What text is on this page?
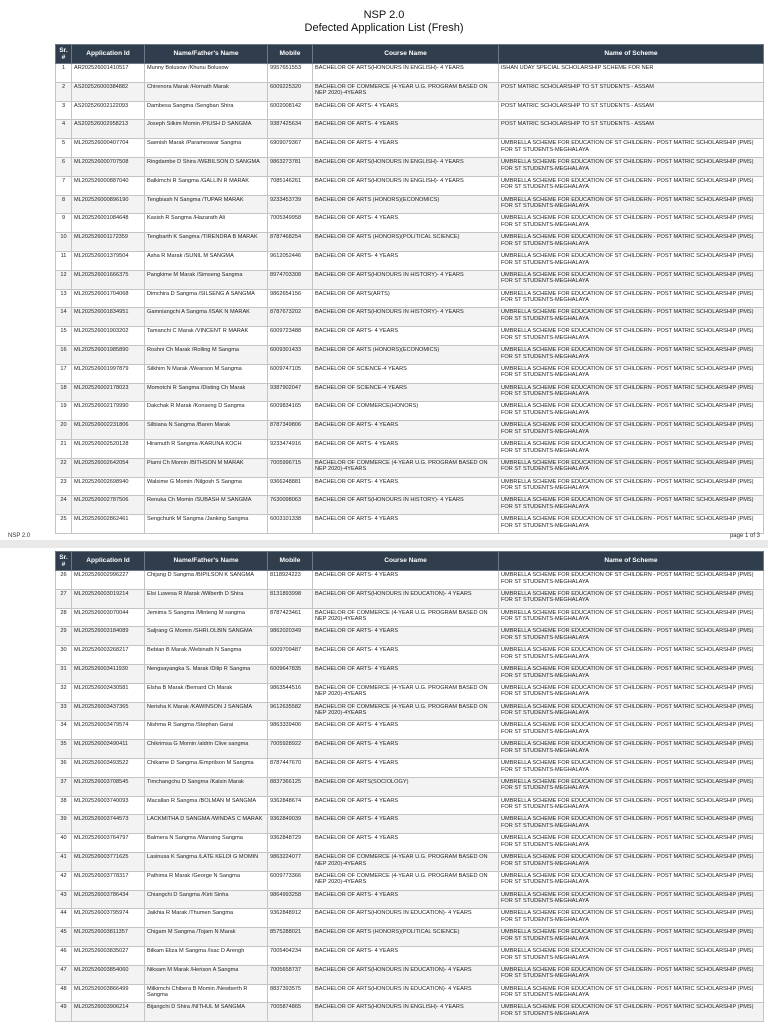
NSP 2.0
Defected Application List (Fresh)
Sr. #	Application Id	Name/Father's Name	Mobile	Course Name	Name of Scheme
1	AR202526001410517	Munny Bolusow /Khunu Bolusow	9957651553	BACHELOR OF ARTS(HONOURS IN ENGLISH)- 4 YEARS	ISHAN UDAY SPECIAL SCHOLARSHIP SCHEME FOR NER
2	AS202526000384882	Chirenora Marak /Hornath Marak	6009225320	BACHELOR OF COMMERCE (4-YEAR U.G. PROGRAM BASED ON NEP 2020)-4YEARS	POST MATRIC SCHOLARSHIP TO ST STUDENTS - ASSAM
3	AS202526002122093	Dambesa Sangma /Sengban Shira	6002008142	BACHELOR OF ARTS- 4 YEARS	POST MATRIC SCHOLARSHIP TO ST STUDENTS - ASSAM
4	AS202526002958213	Joseph Silkim Momin /PIUSH D SANGMA	9387425634	BACHELOR OF ARTS- 4 YEARS	POST MATRIC SCHOLARSHIP TO ST STUDENTS - ASSAM
5	ML202526000407704	Saenish Marak /Parameswar Sangma	6909079367	BACHELOR OF ARTS- 4 YEARS	UMBRELLA SCHEME FOR EDUCATION OF ST CHILDERN - POST MATRIC SCHOLARSHIP (PMS) FOR ST STUDENTS-MEGHALAYA
6	ML202526000707508	Ringdambe D Shira /WEBILSON D SANGMA	9863273781	BACHELOR OF ARTS(HONOURS IN ENGLISH)- 4 YEARS	UMBRELLA SCHEME FOR EDUCATION OF ST CHILDERN - POST MATRIC SCHOLARSHIP (PMS) FOR ST STUDENTS-MEGHALAYA
7	ML202526000887040	Balkimchi R Sangma /GALLIN R MARAK	7085146261	BACHELOR OF ARTS(HONOURS IN ENGLISH)- 4 YEARS	UMBRELLA SCHEME FOR EDUCATION OF ST CHILDERN - POST MATRIC SCHOLARSHIP (PMS) FOR ST STUDENTS-MEGHALAYA
8	ML202526000896190	Tengbiash N Sangma /TUPAR MARAK	9233453739	BACHELOR OF ARTS (HONORS)(ECONOMICS)	UMBRELLA SCHEME FOR EDUCATION OF ST CHILDERN - POST MATRIC SCHOLARSHIP (PMS) FOR ST STUDENTS-MEGHALAYA
9	ML202526001084648	Kasish R Sangma /Hazarath Ali	7005349958	BACHELOR OF ARTS- 4 YEARS	UMBRELLA SCHEME FOR EDUCATION OF ST CHILDERN - POST MATRIC SCHOLARSHIP (PMS) FOR ST STUDENTS-MEGHALAYA
10	ML202526001172359	Tengbarth K Sangma /TIRENDRA B MARAK	8787468254	BACHELOR OF ARTS (HONORS)(POLITICAL SCIENCE)	UMBRELLA SCHEME FOR EDUCATION OF ST CHILDERN - POST MATRIC SCHOLARSHIP (PMS) FOR ST STUDENTS-MEGHALAYA
11	ML202526001379504	Asha R Marak /SUNIL M SANGMA	9612052446	BACHELOR OF ARTS- 4 YEARS	UMBRELLA SCHEME FOR EDUCATION OF ST CHILDERN - POST MATRIC SCHOLARSHIP (PMS) FOR ST STUDENTS-MEGHALAYA
12	ML202526001666375	Pangkime M Marak /Simseng Sangma	8974703308	BACHELOR OF ARTS(HONOURS IN HISTORY)- 4 YEARS	UMBRELLA SCHEME FOR EDUCATION OF ST CHILDERN - POST MATRIC SCHOLARSHIP (PMS) FOR ST STUDENTS-MEGHALAYA
13	ML202526001704068	Dimchira D Sangma /SILSENG A SANGMA	9862654156	BACHELOR OF ARTS(ARTS)	UMBRELLA SCHEME FOR EDUCATION OF ST CHILDERN - POST MATRIC SCHOLARSHIP (PMS) FOR ST STUDENTS-MEGHALAYA
14	ML202526001834951	Gamniangchi A Sangma /ISAK N MARAK	8787673202	BACHELOR OF ARTS(HONOURS IN HISTORY)- 4 YEARS	UMBRELLA SCHEME FOR EDUCATION OF ST CHILDERN - POST MATRIC SCHOLARSHIP (PMS) FOR ST STUDENTS-MEGHALAYA
15	ML202526001903202	Tamanchi C Marak /VINCENT R MARAK	6009723488	BACHELOR OF ARTS- 4 YEARS	UMBRELLA SCHEME FOR EDUCATION OF ST CHILDERN - POST MATRIC SCHOLARSHIP (PMS) FOR ST STUDENTS-MEGHALAYA
16	ML202526001985890	Roshni Ch Marak /Rolling M Sangma	6009301433	BACHELOR OF ARTS (HONORS)(ECONOMICS)	UMBRELLA SCHEME FOR EDUCATION OF ST CHILDERN - POST MATRIC SCHOLARSHIP (PMS) FOR ST STUDENTS-MEGHALAYA
17	ML202526001997879	Silkhim N Marak /Wearson M Sangma	6009747105	BACHELOR OF SCIENCE-4 YEARS	UMBRELLA SCHEME FOR EDUCATION OF ST CHILDERN - POST MATRIC SCHOLARSHIP (PMS) FOR ST STUDENTS-MEGHALAYA
18	ML202526002178023	Momotchi R Sangma /Disting Ch Marak	9387902047	BACHELOR OF SCIENCE-4 YEARS	UMBRELLA SCHEME FOR EDUCATION OF ST CHILDERN - POST MATRIC SCHOLARSHIP (PMS) FOR ST STUDENTS-MEGHALAYA
19	ML202526002179990	Dakchak R Marak /Konseng D Sangma	6009834165	BACHELOR OF COMMERCE(HONORS)	UMBRELLA SCHEME FOR EDUCATION OF ST CHILDERN - POST MATRIC SCHOLARSHIP (PMS) FOR ST STUDENTS-MEGHALAYA
20	ML202526002231806	Silbiana N Sangma /Baren Marak	8787349806	BACHELOR OF ARTS- 4 YEARS	UMBRELLA SCHEME FOR EDUCATION OF ST CHILDERN - POST MATRIC SCHOLARSHIP (PMS) FOR ST STUDENTS-MEGHALAYA
21	ML202526002520128	Hiramuth R Sangma /KARUNA KOCH	9233474916	BACHELOR OF ARTS- 4 YEARS	UMBRELLA SCHEME FOR EDUCATION OF ST CHILDERN - POST MATRIC SCHOLARSHIP (PMS) FOR ST STUDENTS-MEGHALAYA
22	ML202526002642054	Piami Ch Momin /BITHSON M MARAK	7005996715	BACHELOR OF COMMERCE (4-YEAR U.G. PROGRAM BASED ON NEP 2020)-4YEARS	UMBRELLA SCHEME FOR EDUCATION OF ST CHILDERN - POST MATRIC SCHOLARSHIP (PMS) FOR ST STUDENTS-MEGHALAYA
23	ML202526002698940	Walsime G Momin /Nilgosh S Sangma	9366248881	BACHELOR OF ARTS- 4 YEARS	UMBRELLA SCHEME FOR EDUCATION OF ST CHILDERN - POST MATRIC SCHOLARSHIP (PMS) FOR ST STUDENTS-MEGHALAYA
24	ML202526002787506	Renuka Ch Momin /SUBASH M SANGMA	7630098063	BACHELOR OF ARTS(HONOURS IN HISTORY)- 4 YEARS	UMBRELLA SCHEME FOR EDUCATION OF ST CHILDERN - POST MATRIC SCHOLARSHIP (PMS) FOR ST STUDENTS-MEGHALAYA
25	ML202526002862461	Sengchurik M Sangma /Janking Sangma	6003101338	BACHELOR OF ARTS- 4 YEARS	UMBRELLA SCHEME FOR EDUCATION OF ST CHILDERN - POST MATRIC SCHOLARSHIP (PMS) FOR ST STUDENTS-MEGHALAYA
NSP 2.0	page 1 of 3
Sr. #	Application Id	Name/Father's Name	Mobile	Course Name	Name of Scheme
26	ML202526002996227	Chijang D Sangma /BIPILSON K SANGMA	8118924223	BACHELOR OF ARTS- 4 YEARS	UMBRELLA SCHEME FOR EDUCATION OF ST CHILDERN - POST MATRIC SCHOLARSHIP (PMS) FOR ST STUDENTS-MEGHALAYA
27	ML202526003019214	Elsi Luwesa R Marak /Wilberth D Shira	8131893998	BACHELOR OF ARTS(HONOURS IN EDUCATION)- 4 YEARS	UMBRELLA SCHEME FOR EDUCATION OF ST CHILDERN - POST MATRIC SCHOLARSHIP (PMS) FOR ST STUDENTS-MEGHALAYA
28	ML202526003070044	Jemima S Sangma /Minteng M sangma	8787423461	BACHELOR OF COMMERCE (4-YEAR U.G. PROGRAM BASED ON NEP 2020)-4YEARS	UMBRELLA SCHEME FOR EDUCATION OF ST CHILDERN - POST MATRIC SCHOLARSHIP (PMS) FOR ST STUDENTS-MEGHALAYA
29	ML202526003184089	Saljrang G Momin /SHRI.OLBIN SANGMA	9862020349	BACHELOR OF ARTS- 4 YEARS	UMBRELLA SCHEME FOR EDUCATION OF ST CHILDERN - POST MATRIC SCHOLARSHIP (PMS) FOR ST STUDENTS-MEGHALAYA
30	ML202526003268217	Bebian B Marak /Webinath N Sangma	6009709487	BACHELOR OF ARTS- 4 YEARS	UMBRELLA SCHEME FOR EDUCATION OF ST CHILDERN - POST MATRIC SCHOLARSHIP (PMS) FOR ST STUDENTS-MEGHALAYA
31	ML202526003411930	Nengsayangka S. Marak /Dilip R Sangma	6009647835	BACHELOR OF ARTS- 4 YEARS	UMBRELLA SCHEME FOR EDUCATION OF ST CHILDERN - POST MATRIC SCHOLARSHIP (PMS) FOR ST STUDENTS-MEGHALAYA
32	ML202526003430581	Elsha B Marak /Bernard Ch Marak	9863544516	BACHELOR OF COMMERCE (4-YEAR U.G. PROGRAM BASED ON NEP 2020)-4YEARS	UMBRELLA SCHEME FOR EDUCATION OF ST CHILDERN - POST MATRIC SCHOLARSHIP (PMS) FOR ST STUDENTS-MEGHALAYA
33	ML202526003437365	Nerisha K Marak /KAWINSON J SANGMA	9612635582	BACHELOR OF COMMERCE (4-YEAR U.G. PROGRAM BASED ON NEP 2020)-4YEARS	UMBRELLA SCHEME FOR EDUCATION OF ST CHILDERN - POST MATRIC SCHOLARSHIP (PMS) FOR ST STUDENTS-MEGHALAYA
34	ML202526003479574	Nishma R Sangma /Stephan Garai	9863339406	BACHELOR OF ARTS- 4 YEARS	UMBRELLA SCHEME FOR EDUCATION OF ST CHILDERN - POST MATRIC SCHOLARSHIP (PMS) FOR ST STUDENTS-MEGHALAYA
35	ML202526003490411	Chikrimsa G Momin /aldrin Clive sangma	7005928922	BACHELOR OF ARTS- 4 YEARS	UMBRELLA SCHEME FOR EDUCATION OF ST CHILDERN - POST MATRIC SCHOLARSHIP (PMS) FOR ST STUDENTS-MEGHALAYA
36	ML202526003493522	Chikame D Sangma /Emprilson M Sangma	8787447670	BACHELOR OF ARTS- 4 YEARS	UMBRELLA SCHEME FOR EDUCATION OF ST CHILDERN - POST MATRIC SCHOLARSHIP (PMS) FOR ST STUDENTS-MEGHALAYA
37	ML202526003708545	Timchangchu D Sangma /Kalsin Marak	8837366125	BACHELOR OF ARTS(SOCIOLOGY)	UMBRELLA SCHEME FOR EDUCATION OF ST CHILDERN - POST MATRIC SCHOLARSHIP (PMS) FOR ST STUDENTS-MEGHALAYA
38	ML202526003740093	Macallan R Sangma /BOLMAN M SANGMA	9362848674	BACHELOR OF ARTS- 4 YEARS	UMBRELLA SCHEME FOR EDUCATION OF ST CHILDERN - POST MATRIC SCHOLARSHIP (PMS) FOR ST STUDENTS-MEGHALAYA
39	ML202526003744573	LACKMITHA D SANGMA /WINDAS C MARAK	9362849039	BACHELOR OF ARTS- 4 YEARS	UMBRELLA SCHEME FOR EDUCATION OF ST CHILDERN - POST MATRIC SCHOLARSHIP (PMS) FOR ST STUDENTS-MEGHALAYA
40	ML202526003764797	Balmera N Sangma /Wansing Sangma	9362848729	BACHELOR OF ARTS- 4 YEARS	UMBRELLA SCHEME FOR EDUCATION OF ST CHILDERN - POST MATRIC SCHOLARSHIP (PMS) FOR ST STUDENTS-MEGHALAYA
41	ML202526003771625	Lasinusa K Sangma /LATE KELDI G MOMIN	9863224077	BACHELOR OF COMMERCE (4-YEAR U.G. PROGRAM BASED ON NEP 2020)-4YEARS	UMBRELLA SCHEME FOR EDUCATION OF ST CHILDERN - POST MATRIC SCHOLARSHIP (PMS) FOR ST STUDENTS-MEGHALAYA
42	ML202526003778317	Pathima R Marak /George N Sangma	6009773366	BACHELOR OF COMMERCE (4-YEAR U.G. PROGRAM BASED ON NEP 2020)-4YEARS	UMBRELLA SCHEME FOR EDUCATION OF ST CHILDERN - POST MATRIC SCHOLARSHIP (PMS) FOR ST STUDENTS-MEGHALAYA
43	ML202526003786434	Chiangchi D Sangma /Kirti Sinha	9864993258	BACHELOR OF ARTS- 4 YEARS	UMBRELLA SCHEME FOR EDUCATION OF ST CHILDERN - POST MATRIC SCHOLARSHIP (PMS) FOR ST STUDENTS-MEGHALAYA
44	ML202526003795974	Jaikhia R Marak /Thumen Sangma	9362848912	BACHELOR OF ARTS(HONOURS IN EDUCATION)- 4 YEARS	UMBRELLA SCHEME FOR EDUCATION OF ST CHILDERN - POST MATRIC SCHOLARSHIP (PMS) FOR ST STUDENTS-MEGHALAYA
45	ML202526003811357	Chigam M Sangma /Tojam N Marak	8575288021	BACHELOR OF ARTS (HONORS)(POLITICAL SCIENCE)	UMBRELLA SCHEME FOR EDUCATION OF ST CHILDERN - POST MATRIC SCHOLARSHIP (PMS) FOR ST STUDENTS-MEGHALAYA
46	ML202526003835027	Bilkam Eliza M Sangma /Isac D Arengh	7005404234	BACHELOR OF ARTS- 4 YEARS	UMBRELLA SCHEME FOR EDUCATION OF ST CHILDERN - POST MATRIC SCHOLARSHIP (PMS) FOR ST STUDENTS-MEGHALAYA
47	ML202526003854060	Niksam M Marak /Herison A Sangma	7005658737	BACHELOR OF ARTS(HONOURS IN EDUCATION)- 4 YEARS	UMBRELLA SCHEME FOR EDUCATION OF ST CHILDERN - POST MATRIC SCHOLARSHIP (PMS) FOR ST STUDENTS-MEGHALAYA
48	ML202526003866499	Milkimchi Chibera B Momin /Newberth R Sangma	8837393575	BACHELOR OF ARTS(HONOURS IN EDUCATION)- 4 YEARS	UMBRELLA SCHEME FOR EDUCATION OF ST CHILDERN - POST MATRIC SCHOLARSHIP (PMS) FOR ST STUDENTS-MEGHALAYA
49	ML202526003906214	Bijangchi D Shira /NITHUL M SANGMA	7005874865	BACHELOR OF ARTS(HONOURS IN ENGLISH)- 4 YEARS	UMBRELLA SCHEME FOR EDUCATION OF ST CHILDERN - POST MATRIC SCHOLARSHIP (PMS) FOR ST STUDENTS-MEGHALAYA
